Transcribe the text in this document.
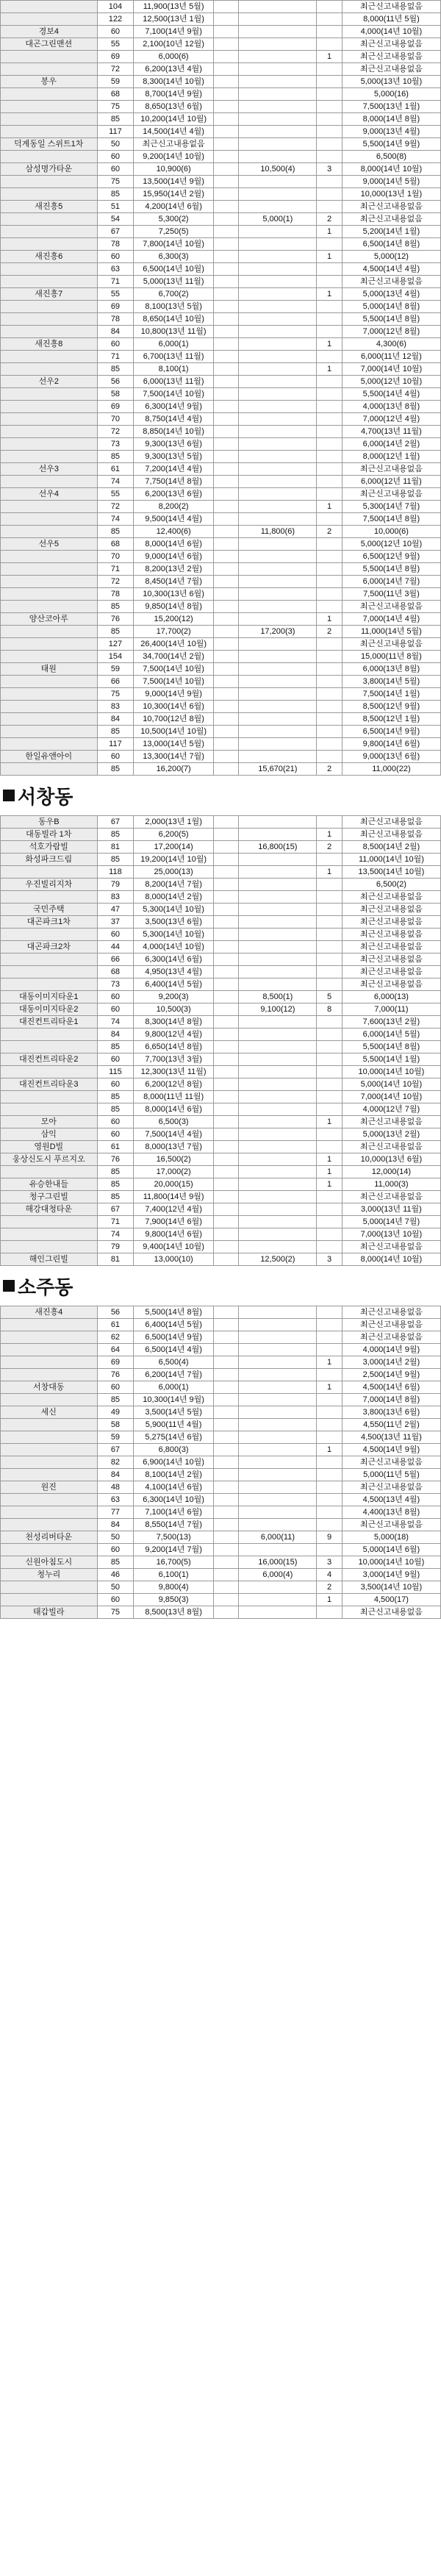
	104	11,900(13년 5월)				최근신고내용없음
	122	12,500(13년 1월)				8,000(11년 5월)
경보4	60	7,100(14년 9월)				4,000(14년 10월)
대곤그린맨션	55	2,100(10년 12월)				최근신고내용없음
	69	6,000(6)			1	최근신고내용없음
	72	6,200(13년 4월)				최근신고내용없음
봉우	59	8,300(14년 10월)				5,000(13년 10월)
	68	8,700(14년 9월)				5,000(16)
	75	8,650(13년 6월)				7,500(13년 1월)
	85	10,200(14년 10월)				8,000(14년 8월)
	117	14,500(14년 4월)				9,000(13년 4월)
덕계동일 스위트1차	50	최근신고내용없음				5,500(14년 9월)
	60	9,200(14년 10월)				6,500(8)
삼성명가타운	60	10,900(6)		10,500(4)	3	8,000(14년 10월)
	75	13,500(14년 9월)				9,000(14년 5월)
	85	15,950(14년 2월)				10,000(13년 1월)
새진흥5	51	4,200(14년 6월)				최근신고내용없음
	54	5,300(2)		5,000(1)	2	최근신고내용없음
	67	7,250(5)			1	5,200(14년 1월)
	78	7,800(14년 10월)				6,500(14년 8월)
새진흥6	60	6,300(3)			1	5,000(12)
	63	6,500(14년 10월)				4,500(14년 4월)
	71	5,000(13년 11월)				최근신고내용없음
새진흥7	55	6,700(2)			1	5,000(13년 4월)
	69	8,100(13년 5월)				5,000(14년 8월)
	78	8,650(14년 10월)				5,500(14년 8월)
	84	10,800(13년 11월)				7,000(12년 8월)
새진흥8	60	6,000(1)			1	4,300(6)
	71	6,700(13년 11월)				6,000(11년 12월)
	85	8,100(1)			1	7,000(14년 10월)
선우2	56	6,000(13년 11월)				5,000(12년 10월)
	58	7,500(14년 10월)				5,500(14년 4월)
	69	6,300(14년 9월)				4,000(13년 8월)
	70	8,750(14년 4월)				7,000(12년 4월)
	72	8,850(14년 10월)				4,700(13년 11월)
	73	9,300(13년 6월)				6,000(14년 2월)
	85	9,300(13년 5월)				8,000(12년 1월)
선우3	61	7,200(14년 4월)				최근신고내용없음
	74	7,750(14년 8월)				6,000(12년 11월)
선우4	55	6,200(13년 6월)				최근신고내용없음
	72	8,200(2)			1	5,300(14년 7월)
	74	9,500(14년 4월)				7,500(14년 8월)
	85	12,400(6)		11,800(6)	2	10,000(6)
선우5	68	8,000(14년 6월)				5,000(12년 10월)
	70	9,000(14년 6월)				6,500(12년 9월)
	71	8,200(13년 2월)				5,500(14년 8월)
	72	8,450(14년 7월)				6,000(14년 7월)
	78	10,300(13년 6월)				7,500(11년 3월)
	85	9,850(14년 8월)				최근신고내용없음
양산코아루	76	15,200(12)			1	7,000(14년 4월)
	85	17,700(2)		17,200(3)	2	11,000(14년 5월)
	127	26,400(14년 10월)				최근신고내용없음
	154	34,700(14년 2월)				15,000(11년 8월)
태원	59	7,500(14년 10월)				6,000(13년 8월)
	66	7,500(14년 10월)				3,800(14년 5월)
	75	9,000(14년 9월)				7,500(14년 1월)
	83	10,300(14년 6월)				8,500(12년 9월)
	84	10,700(12년 8월)				8,500(12년 1월)
	85	10,500(14년 10월)				6,500(14년 9월)
	117	13,000(14년 5월)				9,800(14년 6월)
한일유앤아이	60	13,300(14년 7월)				9,000(13년 6월)
	85	16,200(7)		15,670(21)	2	11,000(22)
서창동
동우B	67	2,000(13년 1월)				최근신고내용없음
대동빌라 1차	85	6,200(5)			1	최근신고내용없음
석호가람빌	81	17,200(14)		16,800(15)	2	8,500(14년 2월)
화성파크드림	85	19,200(14년 10월)				11,000(14년 10월)
	118	25,000(13)			1	13,500(14년 10월)
우진빌리지차	79	8,200(14년 7월)				6,500(2)
	83	8,000(14년 2월)				최근신고내용없음
국민주택	47	5,300(14년 10월)				최근신고내용없음
대곤파크1차	37	3,500(13년 6월)				최근신고내용없음
	60	5,300(14년 10월)				최근신고내용없음
대곤파크2차	44	4,000(14년 10월)				최근신고내용없음
	66	6,300(14년 6월)				최근신고내용없음
	68	4,950(13년 4월)				최근신고내용없음
	73	6,400(14년 5월)				최근신고내용없음
대동이미지타운1	60	9,200(3)		8,500(1)	5	6,000(13)
대동이미지타운2	60	10,500(3)		9,100(12)	8	7,000(11)
대진컨트리타운1	74	8,300(14년 8월)				7,600(13년 2월)
	84	9,800(12년 4월)				6,000(14년 5월)
	85	6,650(14년 8월)				5,500(14년 8월)
대진컨트리타운2	60	7,700(13년 3월)				5,500(14년 1월)
	115	12,300(13년 11월)				10,000(14년 10월)
대진컨트리타운3	60	6,200(12년 8월)				5,000(14년 10월)
	85	8,000(11년 11월)				7,000(14년 10월)
	85	8,000(14년 6월)				4,000(12년 7월)
모아	60	6,500(3)			1	최근신고내용없음
삼익	60	7,500(14년 4월)				5,000(13년 2월)
영원D빌	61	8,000(13년 7월)				최근신고내용없음
웅상신도시 푸르지오	76	16,500(2)			1	10,000(13년 6월)
	85	17,000(2)			1	12,000(14)
유승한내들	85	20,000(15)			1	11,000(3)
청구그린빌	85	11,800(14년 9월)				최근신고내용없음
해강대청타운	67	7,400(12년 4월)				3,000(13년 11월)
	71	7,900(14년 6월)				5,000(14년 7월)
	74	9,800(14년 6월)				7,000(13년 10월)
	79	9,400(14년 10월)				최근신고내용없음
해인그린빌	81	13,000(10)		12,500(2)	3	8,000(14년 10월)
소주동
새진흥4	56	5,500(14년 8월)				최근신고내용없음
	61	6,400(14년 5월)				최근신고내용없음
	62	6,500(14년 9월)				최근신고내용없음
	64	6,500(14년 4월)				4,000(14년 9월)
	69	6,500(4)			1	3,000(14년 2월)
	76	6,200(14년 7월)				2,500(14년 9월)
서창대동	60	6,000(1)			1	4,500(14년 6월)
	85	10,300(14년 9월)				7,000(14년 8월)
세신	49	3,500(14년 5월)				3,800(13년 6월)
	58	5,900(11년 4월)				4,550(11년 2월)
	59	5,275(14년 6월)				4,500(13년 11월)
	67	6,800(3)			1	4,500(14년 9월)
	82	6,900(14년 10월)				최근신고내용없음
	84	8,100(14년 2월)				5,000(11년 5월)
원진	48	4,100(14년 6월)				최근신고내용없음
	63	6,300(14년 10월)				4,500(13년 4월)
	77	7,100(14년 6월)				4,400(13년 8월)
	84	8,550(14년 7월)				최근신고내용없음
천성리버타운	50	7,500(13)		6,000(11)	9	5,000(18)
	60	9,200(14년 7월)				5,000(14년 6월)
신원아침도시	85	16,700(5)		16,000(15)	3	10,000(14년 10월)
청누리	46	6,100(1)		6,000(4)	4	3,000(14년 9월)
	50	9,800(4)			2	3,500(14년 10월)
	60	9,850(3)			1	4,500(17)
태갑빌라	75	8,500(13년 8월)				최근신고내용없음
